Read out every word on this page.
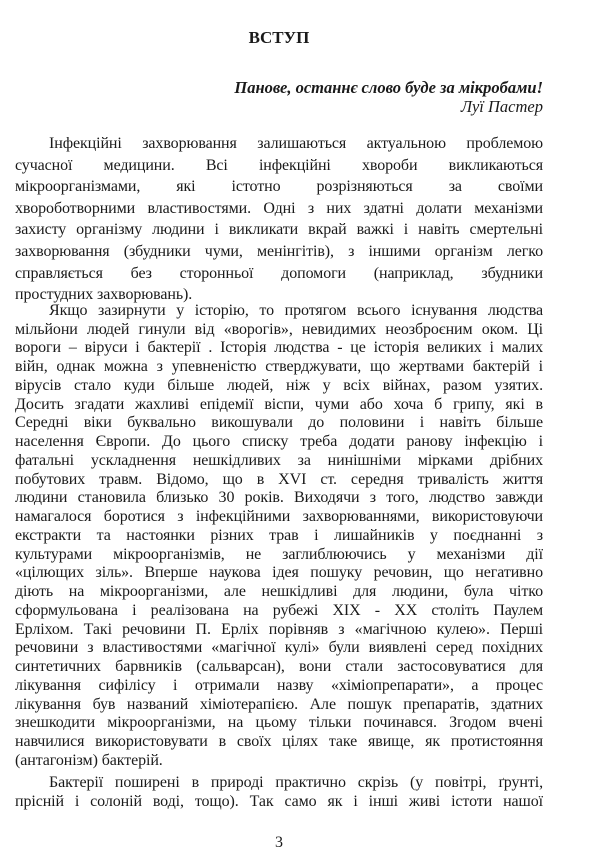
ВСТУП
Панове, останнє слово буде за мікробами!
Луї Пастер
Інфекційні захворювання залишаються актуальною проблемою
сучасної медицини. Всі інфекційні хвороби викликаються
мікроорганізмами, які істотно розрізняються за своїми
хвороботворними властивостями. Одні з них здатні долати механізми
захисту організму людини і викликати вкрай важкі і навіть смертельні
захворювання (збудники чуми, менінгітів), з іншими організм легко
справляється без сторонньої допомоги (наприклад, збудники
простудних захворювань).
Якщо зазирнути у історію, то протягом всього існування людства
мільйони людей гинули від «ворогів», невидимих неозброєним оком. Ці
вороги – віруси і бактерії . Історія людства - це історія великих і малих
війн, однак можна з упевненістю стверджувати, що жертвами бактерій і
вірусів стало куди більше людей, ніж у всіх війнах, разом узятих.
Досить згадати жахливі епідемії віспи, чуми або хоча б грипу, які в
Середні віки буквально викошували до половини і навіть більше
населення Європи. До цього списку треба додати ранову інфекцію і
фатальні ускладнення нешкідливих за нинішніми мірками дрібних
побутових травм. Відомо, що в XVI ст. середня тривалість життя
людини становила близько 30 років. Виходячи з того, людство завжди
намагалося боротися з інфекційними захворюваннями, використовуючи
екстракти та настоянки різних трав і лишайників у поєднанні з
культурами мікроорганізмів, не заглиблюючись у механізми дії
«цілющих зіль». Вперше наукова ідея пошуку речовин, що негативно
діють на мікроорганізми, але нешкідливі для людини, була чітко
сформульована і реалізована на рубежі XIX - XX століть Паулем
Ерліхом. Такі речовини П. Ерліх порівняв з «магічною кулею». Перші
речовини з властивостями «магічної кулі» були виявлені серед похідних
синтетичних барвників (сальварсан), вони стали застосовуватися для
лікування сифілісу і отримали назву «хіміопрепарати», а процес
лікування був названий хіміотерапією. Але пошук препаратів, здатних
знешкодити мікроорганізми, на цьому тільки починався. Згодом вчені
навчилися використовувати в своїх цілях таке явище, як протистояння
(антагонізм) бактерій.
Бактерії поширені в природі практично скрізь (у повітрі, ґрунті,
прісній і солоній воді, тощо). Так само як і інші живі істоти нашої
3
